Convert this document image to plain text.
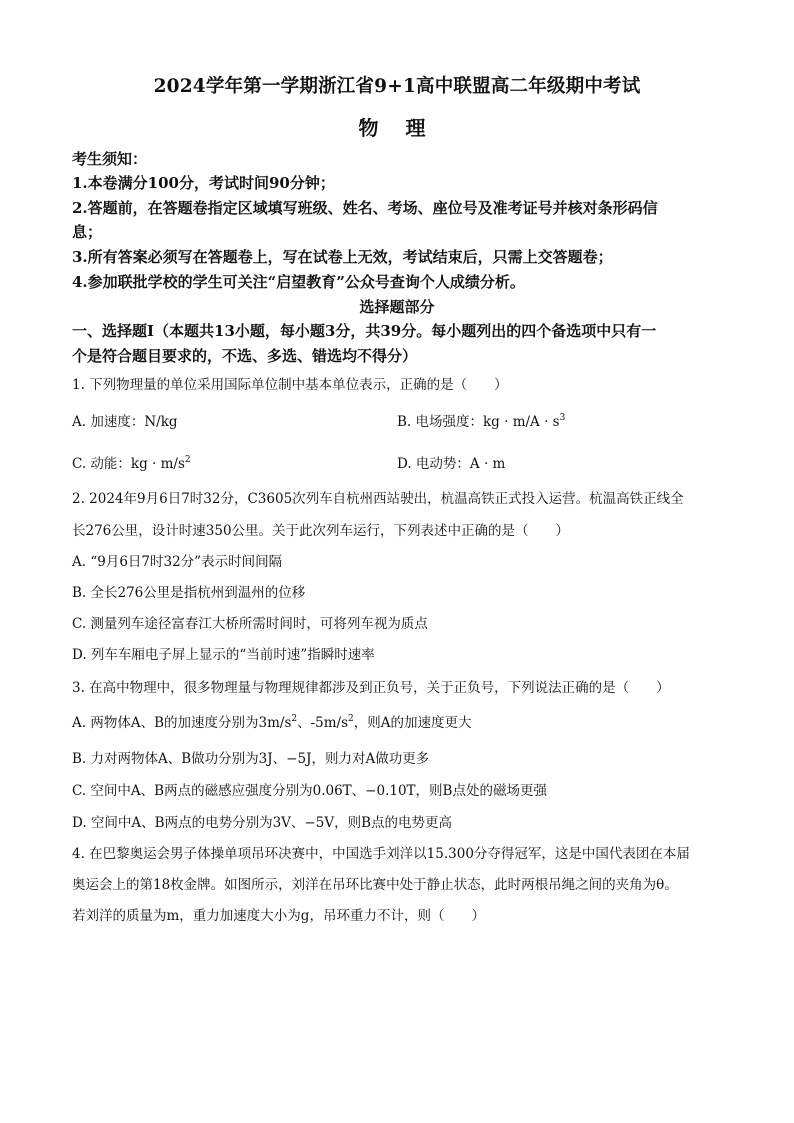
2024学年第一学期浙江省9+1高中联盟高二年级期中考试
物 理
考生须知：
1.本卷满分100分，考试时间90分钟；
2.答题前，在答题卷指定区域填写班级、姓名、考场、座位号及准考证号并核对条形码信
息；
3.所有答案必须写在答题卷上，写在试卷上无效，考试结束后，只需上交答题卷；
4.参加联批学校的学生可关注“启望教育”公众号查询个人成绩分析。
选择题部分
一、选择题Ⅰ（本题共13小题，每小题3分，共39分。每小题列出的四个备选项中只有一
个是符合题目要求的，不选、多选、错选均不得分）
1. 下列物理量的单位采用国际单位制中基本单位表示，正确的是（　　）
A. 加速度：N/kg	B. 电场强度：kg · $m/A \cdot s^3$
C. 动能：kg · $m/s^2$	D. 电动势：A · m
2. 2024年9月6日7时32分，C3605次列车自杭州西站驶出，杭温高铁正式投入运营。杭温高铁正线全
长276公里，设计时速350公里。关于此次列车运行，下列表述中正确的是（　　）
A. “9月6日7时32分”表示时间间隔
B. 全长276公里是指杭州到温州的位移
C. 测量列车途径富春江大桥所需时间时，可将列车视为质点
D. 列车车厢电子屏上显示的“当前时速”指瞬时速率
3. 在高中物理中，很多物理量与物理规律都涉及到正负号，关于正负号，下列说法正确的是（　　）
A. 两物体A、B的加速度分别为$3m/s^2$、$-5m/s^2$，则A的加速度更大
B. 力对两物体A、B做功分别为3J、−5J，则力对A做功更多
C. 空间中A、B两点的磁感应强度分别为0.06T、−0.10T，则B点处的磁场更强
D. 空间中A、B两点的电势分别为3V、−5V，则B点的电势更高
4. 在巴黎奥运会男子体操单项吊环决赛中，中国选手刘洋以15.300分夺得冠军，这是中国代表团在本届
奥运会上的第18枚金牌。如图所示，刘洋在吊环比赛中处于静止状态，此时两根吊绳之间的夹角为θ。
若刘洋的质量为m，重力加速度大小为g，吊环重力不计，则（　　）
